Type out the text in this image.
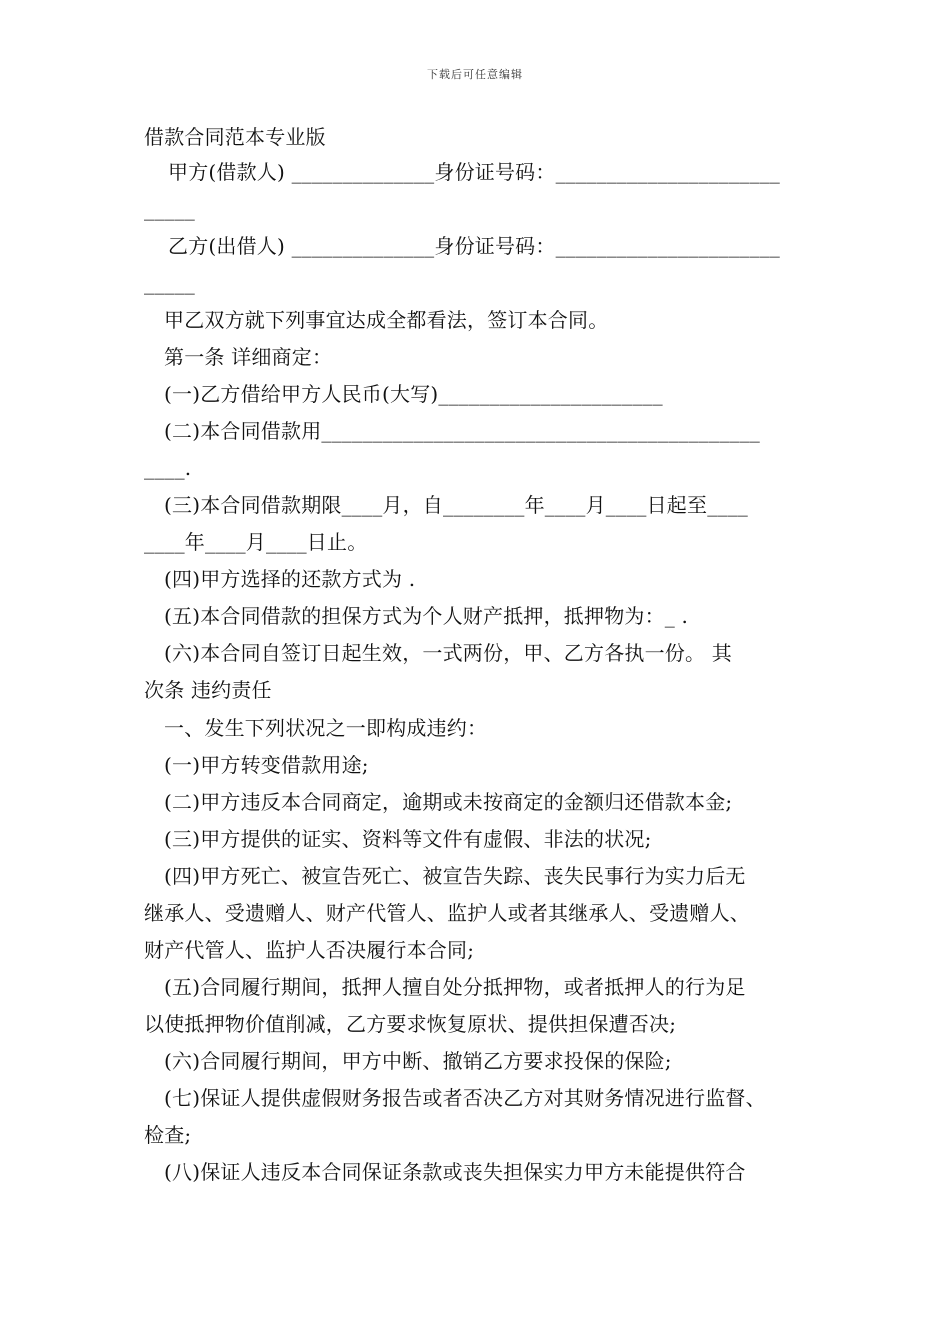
下载后可任意编辑
借款合同范本专业版
甲方(借款人) ______________身份证号码：______________________
_____
乙方(出借人) ______________身份证号码：______________________
_____
甲乙双方就下列事宜达成全都看法，签订本合同。
第一条 详细商定：
(一)乙方借给甲方人民币(大写)______________________
(二)本合同借款用___________________________________________
____.
(三)本合同借款期限____月，自________年____月____日起至____
____年____月____日止。
(四)甲方选择的还款方式为 .
(五)本合同借款的担保方式为个人财产抵押，抵押物为：_ .
(六)本合同自签订日起生效，一式两份，甲、乙方各执一份。 其
次条 违约责任
一、发生下列状况之一即构成违约：
(一)甲方转变借款用途;
(二)甲方违反本合同商定，逾期或未按商定的金额归还借款本金;
(三)甲方提供的证实、资料等文件有虚假、非法的状况;
(四)甲方死亡、被宣告死亡、被宣告失踪、丧失民事行为实力后无
继承人、受遗赠人、财产代管人、监护人或者其继承人、受遗赠人、
财产代管人、监护人否决履行本合同;
(五)合同履行期间，抵押人擅自处分抵押物，或者抵押人的行为足
以使抵押物价值削减，乙方要求恢复原状、提供担保遭否决;
(六)合同履行期间，甲方中断、撤销乙方要求投保的保险;
(七)保证人提供虚假财务报告或者否决乙方对其财务情况进行监督、
检查;
(八)保证人违反本合同保证条款或丧失担保实力甲方未能提供符合
